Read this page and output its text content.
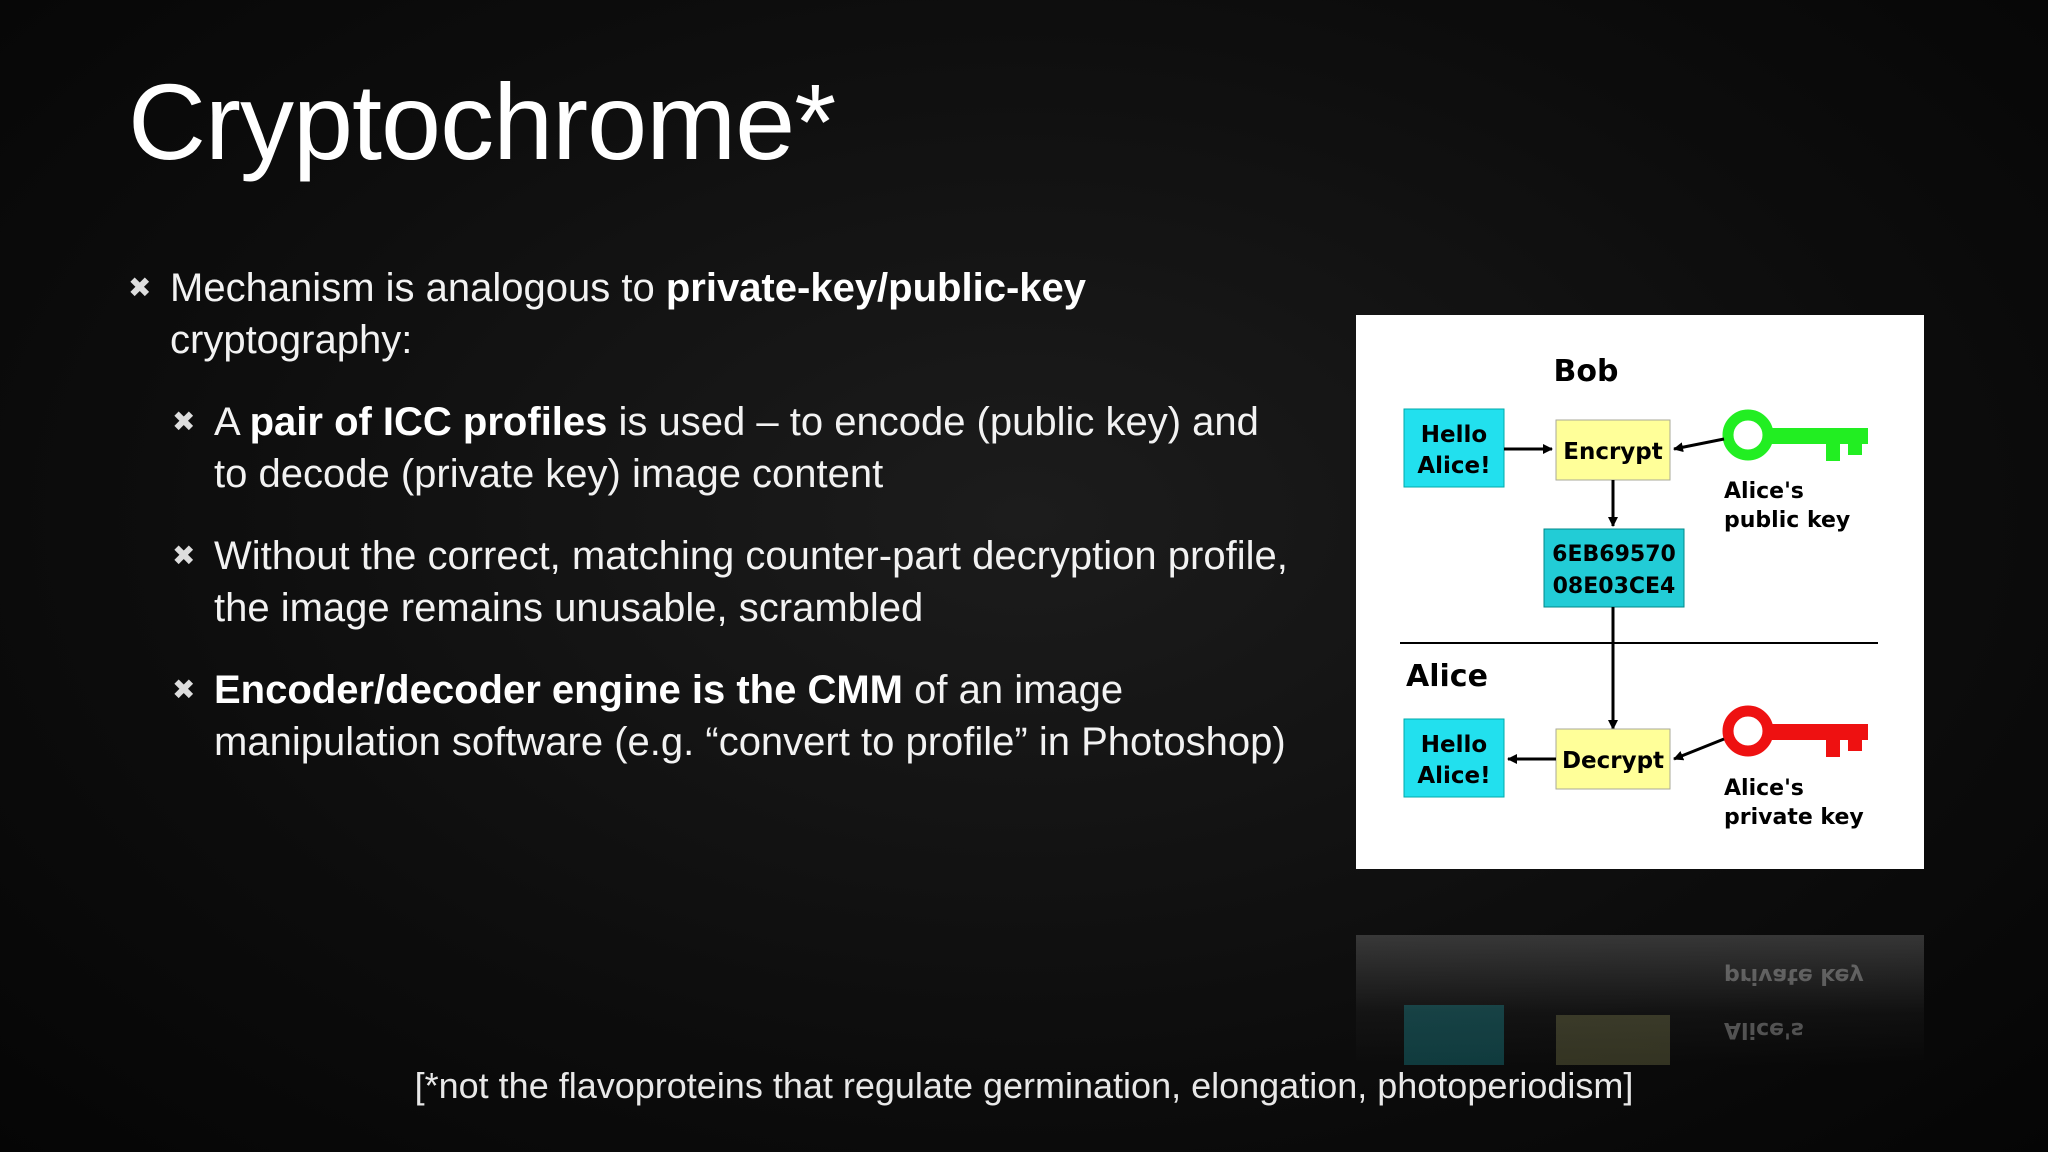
Cryptochrome*
✖ Mechanism is analogous to private-key/public-key cryptography:
✖ A pair of ICC profiles is used – to encode (public key) and to decode (private key) image content
✖ Without the correct, matching counter-part decryption profile, the image remains unusable, scrambled
✖ Encoder/decoder engine is the CMM of an image manipulation software (e.g. “convert to profile” in Photoshop)
Bob
Hello
Alice!
Encrypt
Alice's
public key
6EB69570
08E03CE4
Alice
Decrypt
Hello
Alice!	Alice's
private key
private key
Alice's
[*not the flavoproteins that regulate germination, elongation, photoperiodism]
